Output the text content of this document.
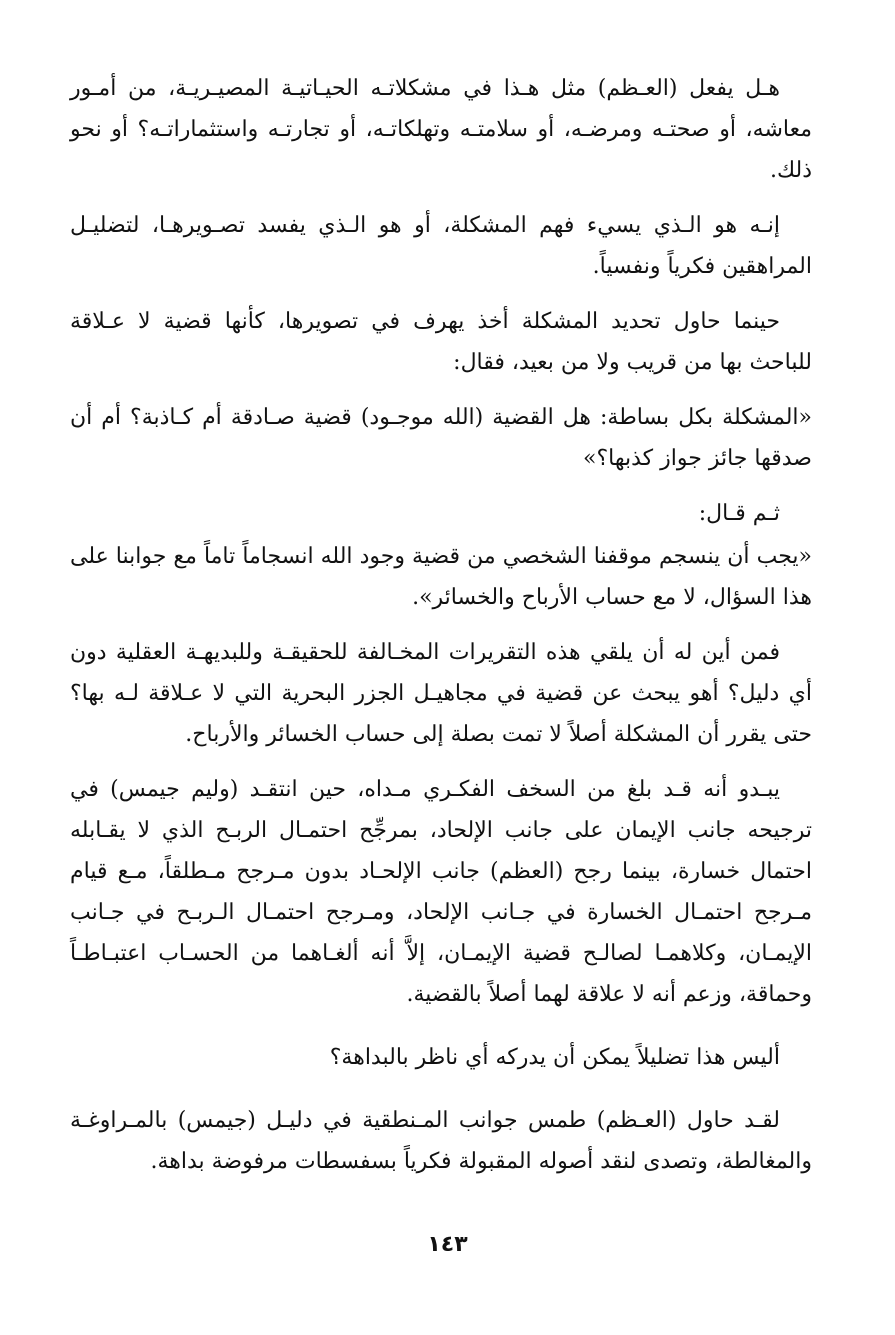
هـل يفعل (العـظم) مثل هـذا في مشكلاتـه الحيـاتيـة المصيـريـة، من أمـور معاشه، أو صحتـه ومرضـه، أو سلامتـه وتهلكاتـه، أو تجارتـه واستثماراتـه؟ أو نحو ذلك.

إنـه هو الـذي يسيء فهم المشكلة، أو هو الـذي يفسد تصـويرهـا، لتضليـل المراهقين فكرياً ونفسياً.

حينما حاول تحديد المشكلة أخذ يهرف في تصويرها، كأنها قضية لا عـلاقة للباحث بها من قريب ولا من بعيد، فقال:

«المشكلة بكل بساطة: هل القضية (الله موجـود) قضية صـادقة أم كـاذبة؟ أم أن صدقها جائز جواز كذبها؟»

ثـم قـال:

«يجب أن ينسجم موقفنا الشخصي من قضية وجود الله انسجاماً تاماً مع جوابنا على هذا السؤال، لا مع حساب الأرباح والخسائر».

فمن أين له أن يلقي هذه التقريرات المخـالفة للحقيقـة وللبديهـة العقلية دون أي دليل؟ أهو يبحث عن قضية في مجاهيـل الجزر البحرية التي لا عـلاقة لـه بها؟ حتى يقرر أن المشكلة أصلاً لا تمت بصلة إلى حساب الخسائر والأرباح.

يبـدو أنه قـد بلغ من السخف الفكـري مـداه، حين انتقـد (وليم جيمس) في ترجيحه جانب الإيمان على جانب الإلحاد، بمرجِّح احتمـال الربـح الذي لا يقـابله احتمال خسارة، بينما رجح (العظم) جانب الإلحـاد بدون مـرجح مـطلقاً، مـع قيام مـرجح احتمـال الخسارة في جـانب الإلحاد، ومـرجح احتمـال الـربـح في جـانب الإيمـان، وكلاهمـا لصالـح قضية الإيمـان، إلاَّ أنه ألغـاهما من الحسـاب اعتبـاطـاً وحماقة، وزعم أنه لا علاقة لهما أصلاً بالقضية.

أليس هذا تضليلاً يمكن أن يدركه أي ناظر بالبداهة؟

لقـد حاول (العـظم) طمس جوانب المـنطقية في دليـل (جيمس) بالمـراوغـة والمغالطة، وتصدى لنقد أصوله المقبولة فكرياً بسفسطات مرفوضة بداهة.

١٤٣
